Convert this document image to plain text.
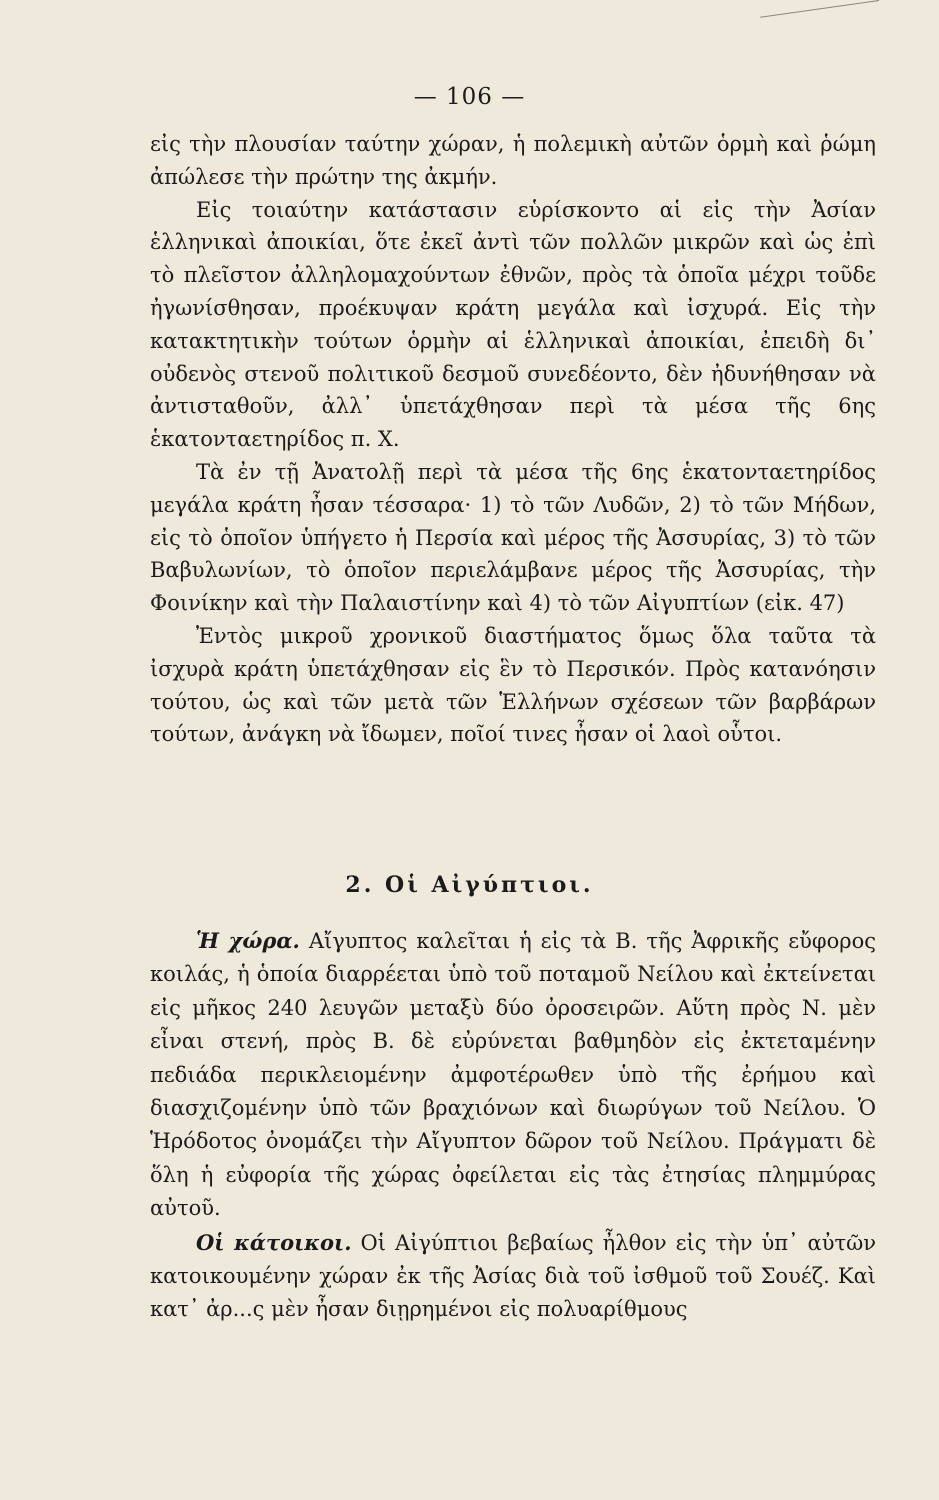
— 106 —

εἰς τὴν πλουσίαν ταύτην χώραν, ἡ πολεμικὴ αὐτῶν ὁρμὴ καὶ ῥώμη ἀπώλεσε τὴν πρώτην της ἀκμήν.

Εἰς τοιαύτην κατάστασιν εὑρίσκοντο αἱ εἰς τὴν Ἀσίαν ἑλληνικαὶ ἀποικίαι, ὅτε ἐκεῖ ἀντὶ τῶν πολλῶν μικρῶν καὶ ὡς ἐπὶ τὸ πλεῖστον ἀλληλομαχούντων ἐθνῶν, πρὸς τὰ ὁποῖα μέχρι τοῦδε ἠγωνίσθησαν, προέκυψαν κράτη μεγάλα καὶ ἰσχυρά. Εἰς τὴν κατακτητικὴν τούτων ὁρμὴν αἱ ἑλληνικαὶ ἀποικίαι, ἐπειδὴ δι᾽ οὐδενὸς στενοῦ πολιτικοῦ δεσμοῦ συνεδέοντο, δὲν ἠδυνήθησαν νὰ ἀντισταθοῦν, ἀλλ᾽ ὑπετάχθησαν περὶ τὰ μέσα τῆς 6ης ἑκατονταετηρίδος π. Χ.

Τὰ ἐν τῇ Ἀνατολῇ περὶ τὰ μέσα τῆς 6ης ἑκατονταετηρίδος μεγάλα κράτη ἦσαν τέσσαρα· 1) τὸ τῶν Λυδῶν, 2) τὸ τῶν Μήδων, εἰς τὸ ὁποῖον ὑπήγετο ἡ Περσία καὶ μέρος τῆς Ἀσσυρίας, 3) τὸ τῶν Βαβυλωνίων, τὸ ὁποῖον περιελάμβανε μέρος τῆς Ἀσσυρίας, τὴν Φοινίκην καὶ τὴν Παλαιστίνην καὶ 4) τὸ τῶν Αἰγυπτίων (εἰκ. 47)

Ἐντὸς μικροῦ χρονικοῦ διαστήματος ὅμως ὅλα ταῦτα τὰ ἰσχυρὰ κράτη ὑπετάχθησαν εἰς ἓν τὸ Περσικόν. Πρὸς κατανόησιν τούτου, ὡς καὶ τῶν μετὰ τῶν Ἑλλήνων σχέσεων τῶν βαρβάρων τούτων, ἀνάγκη νὰ ἴδωμεν, ποῖοί τινες ἦσαν οἱ λαοὶ οὗτοι.

2. Οἱ Αἰγύπτιοι.

Ἡ χώρα. Αἴγυπτος καλεῖται ἡ εἰς τὰ Β. τῆς Ἀφρικῆς εὔφορος κοιλάς, ἡ ὁποία διαρρέεται ὑπὸ τοῦ ποταμοῦ Νείλου καὶ ἐκτείνεται εἰς μῆκος 240 λευγῶν μεταξὺ δύο ὀροσειρῶν. Αὕτη πρὸς Ν. μὲν εἶναι στενή, πρὸς Β. δὲ εὐρύνεται βαθμηδὸν εἰς ἐκτεταμένην πεδιάδα περικλειομένην ἀμφοτέρωθεν ὑπὸ τῆς ἐρήμου καὶ διασχιζομένην ὑπὸ τῶν βραχιόνων καὶ διωρύγων τοῦ Νείλου. Ὁ Ἡρόδοτος ὀνομάζει τὴν Αἴγυπτον δῶρον τοῦ Νείλου. Πράγματι δὲ ὅλη ἡ εὐφορία τῆς χώρας ὀφείλεται εἰς τὰς ἐτησίας πλημμύρας αὐτοῦ.

Οἱ κάτοικοι. Οἱ Αἰγύπτιοι βεβαίως ἦλθον εἰς τὴν ὑπ᾽ αὐτῶν κατοικουμένην χώραν ἐκ τῆς Ἀσίας διὰ τοῦ ἰσθμοῦ τοῦ Σουέζ. Καὶ κατ᾽ ἀρ...ς μὲν ἦσαν διῃρημένοι εἰς πολυαρίθμους
